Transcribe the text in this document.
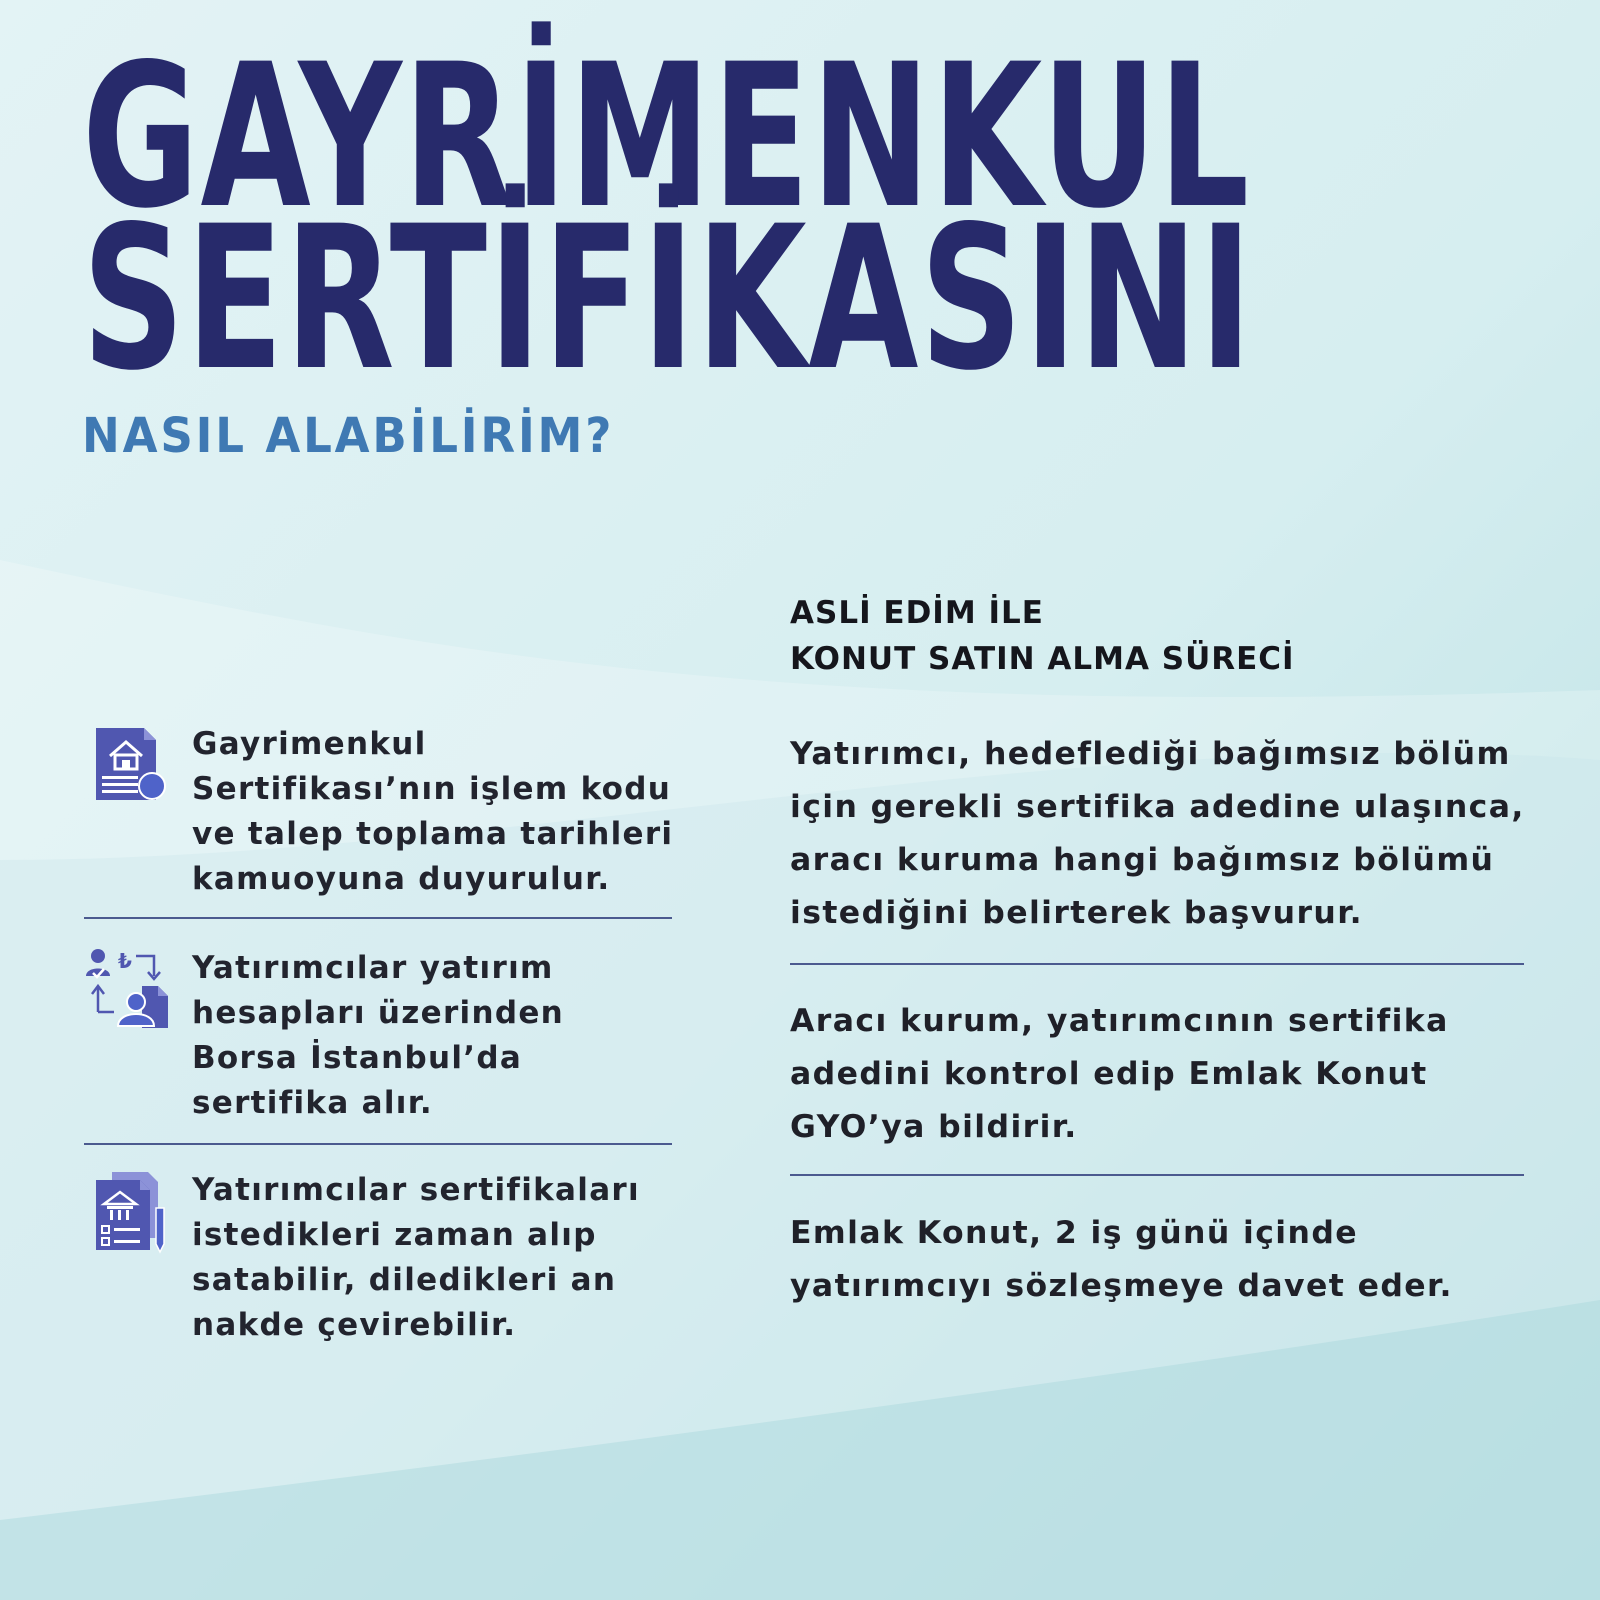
GAYRİMENKUL
SERTİFİKASINI
NASIL ALABİLİRİM?

Gayrimenkul Sertifikası’nın işlem kodu ve talep toplama tarihleri kamuoyuna duyurulur.

₺ Yatırımcılar yatırım hesapları üzerinden Borsa İstanbul’da sertifika alır.

Yatırımcılar sertifikaları istedikleri zaman alıp satabilir, diledikleri an nakde çevirebilir.

ASLİ EDİM İLE
KONUT SATIN ALMA SÜRECİ

Yatırımcı, hedeflediği bağımsız bölüm için gerekli sertifika adedine ulaşınca, aracı kuruma hangi bağımsız bölümü istediğini belirterek başvurur.

Aracı kurum, yatırımcının sertifika adedini kontrol edip Emlak Konut GYO’ya bildirir.

Emlak Konut, 2 iş günü içinde yatırımcıyı sözleşmeye davet eder.
